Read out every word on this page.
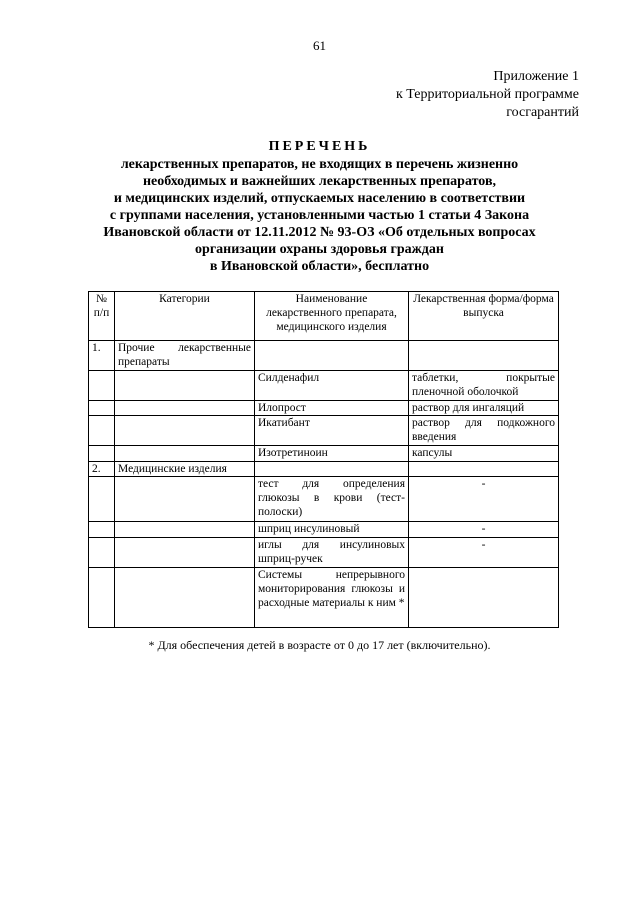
61
Приложение 1
к Территориальной программе
госгарантий
ПЕРЕЧЕНЬ
лекарственных препаратов, не входящих в перечень жизненно
необходимых и важнейших лекарственных препаратов,
и медицинских изделий, отпускаемых населению в соответствии
с группами населения, установленными частью 1 статьи 4 Закона
Ивановской области от 12.11.2012 № 93-ОЗ «Об отдельных вопросах
организации охраны здоровья граждан
в Ивановской области», бесплатно
№ п/п	Категории	Наименование лекарственного препарата, медицинского изделия	Лекарственная форма/форма выпуска
1.	Прочие лекарственные препараты		
		Силденафил	таблетки, покрытые пленочной оболочкой
		Илопрост	раствор для ингаляций
		Икатибант	раствор для подкожного введения
		Изотретиноин	капсулы
2.	Медицинские изделия		
		тест для определения глюкозы в крови (тест-полоски)	-
		шприц инсулиновый	-
		иглы для инсулиновых шприц-ручек	-
		Системы непрерывного мониторирования глюкозы и расходные материалы к ним *	
* Для обеспечения детей в возрасте от 0 до 17 лет (включительно).
